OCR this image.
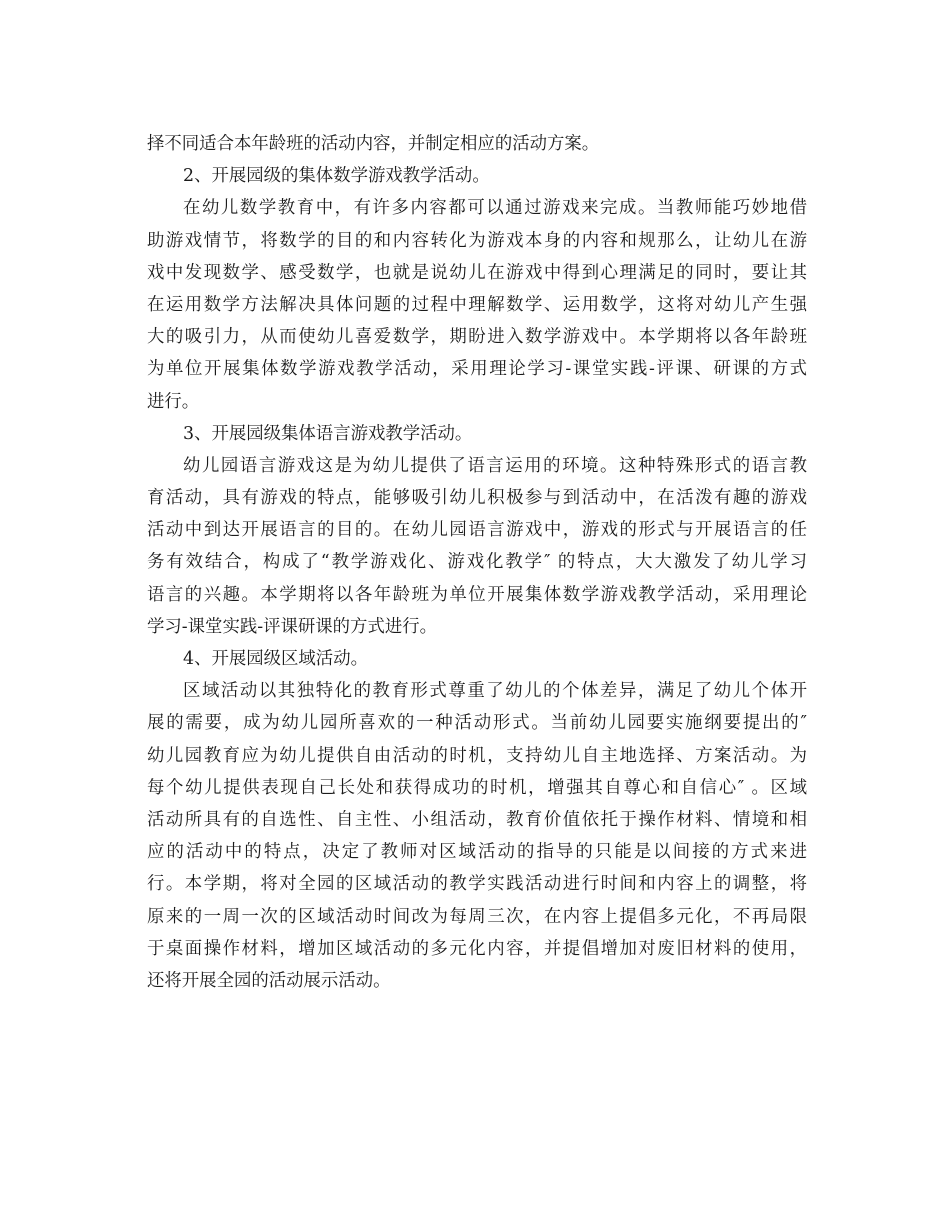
择不同适合本年龄班的活动内容，并制定相应的活动方案。
2、开展园级的集体数学游戏教学活动。
在幼儿数学教育中，有许多内容都可以通过游戏来完成。当教师能巧妙地借
助游戏情节，将数学的目的和内容转化为游戏本身的内容和规那么，让幼儿在游
戏中发现数学、感受数学，也就是说幼儿在游戏中得到心理满足的同时，要让其
在运用数学方法解决具体问题的过程中理解数学、运用数学，这将对幼儿产生强
大的吸引力，从而使幼儿喜爱数学，期盼进入数学游戏中。本学期将以各年龄班
为单位开展集体数学游戏教学活动，采用理论学习-课堂实践-评课、研课的方式
进行。
3、开展园级集体语言游戏教学活动。
幼儿园语言游戏这是为幼儿提供了语言运用的环境。这种特殊形式的语言教
育活动，具有游戏的特点，能够吸引幼儿积极参与到活动中，在活泼有趣的游戏
活动中到达开展语言的目的。在幼儿园语言游戏中，游戏的形式与开展语言的任
务有效结合，构成了“教学游戏化、游戏化教学″ 的特点，大大激发了幼儿学习
语言的兴趣。本学期将以各年龄班为单位开展集体数学游戏教学活动，采用理论
学习-课堂实践-评课研课的方式进行。
4、开展园级区域活动。
区域活动以其独特化的教育形式尊重了幼儿的个体差异，满足了幼儿个体开
展的需要，成为幼儿园所喜欢的一种活动形式。当前幼儿园要实施纲要提出的″
幼儿园教育应为幼儿提供自由活动的时机，支持幼儿自主地选择、方案活动。为
每个幼儿提供表现自己长处和获得成功的时机，增强其自尊心和自信心″ 。区域
活动所具有的自选性、自主性、小组活动，教育价值依托于操作材料、情境和相
应的活动中的特点，决定了教师对区域活动的指导的只能是以间接的方式来进
行。本学期，将对全园的区域活动的教学实践活动进行时间和内容上的调整，将
原来的一周一次的区域活动时间改为每周三次，在内容上提倡多元化，不再局限
于桌面操作材料，增加区域活动的多元化内容，并提倡增加对废旧材料的使用，
还将开展全园的活动展示活动。
